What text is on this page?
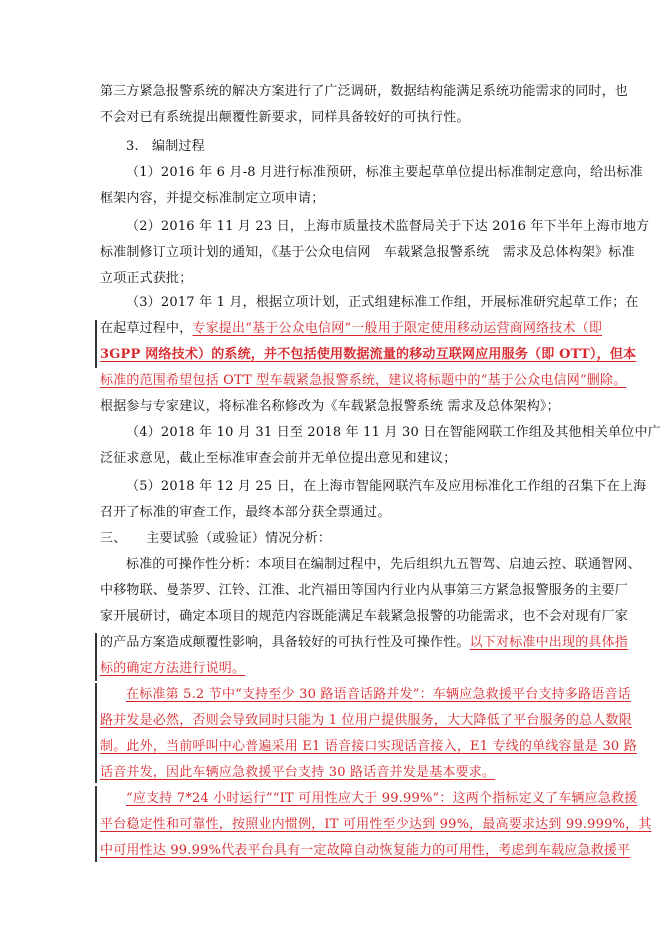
第三方紧急报警系统的解决方案进行了广泛调研，数据结构能满足系统功能需求的同时，也
不会对已有系统提出颠覆性新要求，同样具备较好的可执行性。
3.　编制过程
（1）2016 年 6 月-8 月进行标准预研，标准主要起草单位提出标准制定意向，给出标准
框架内容，并提交标准制定立项申请；
（2）2016 年 11 月 23 日，上海市质量技术监督局关于下达 2016 年下半年上海市地方
标准制修订立项计划的通知，《基于公众电信网　车载紧急报警系统　需求及总体构架》标准
立项正式获批；
（3）2017 年 1 月，根据立项计划，正式组建标准工作组，开展标准研究起草工作；在
在起草过程中，专家提出“基于公众电信网”一般用于限定使用移动运营商网络技术（即
3GPP 网络技术）的系统，并不包括使用数据流量的移动互联网应用服务（即 OTT），但本
标准的范围希望包括 OTT 型车载紧急报警系统，建议将标题中的“基于公众电信网”删除。
根据参与专家建议，将标准名称修改为《车载紧急报警系统 需求及总体架构》；
（4）2018 年 10 月 31 日至 2018 年 11 月 30 日在智能网联工作组及其他相关单位中广
泛征求意见，截止至标准审查会前并无单位提出意见和建议；
（5）2018 年 12 月 25 日，在上海市智能网联汽车及应用标准化工作组的召集下在上海
召开了标准的审查工作，最终本部分获全票通过。
三、　　主要试验（或验证）情况分析：
标准的可操作性分析：本项目在编制过程中，先后组织九五智驾、启迪云控、联通智网、
中移物联、曼荼罗、江铃、江淮、北汽福田等国内行业内从事第三方紧急报警服务的主要厂
家开展研讨，确定本项目的规范内容既能满足车载紧急报警的功能需求，也不会对现有厂家
的产品方案造成颠覆性影响，具备较好的可执行性及可操作性。以下对标准中出现的具体指
标的确定方法进行说明。
在标准第 5.2 节中“支持至少 30 路语音话路并发”：车辆应急救援平台支持多路语音话
路并发是必然，否则会导致同时只能为 1 位用户提供服务，大大降低了平台服务的总人数限
制。此外，当前呼叫中心普遍采用 E1 语音接口实现话音接入，E1 专线的单线容量是 30 路
话音并发，因此车辆应急救援平台支持 30 路话音并发是基本要求。
“应支持 7*24 小时运行”“IT 可用性应大于 99.99%”：这两个指标定义了车辆应急救援
平台稳定性和可靠性，按照业内惯例，IT 可用性至少达到 99%，最高要求达到 99.999%，其
中可用性达 99.99%代表平台具有一定故障自动恢复能力的可用性，考虑到车载应急救援平
